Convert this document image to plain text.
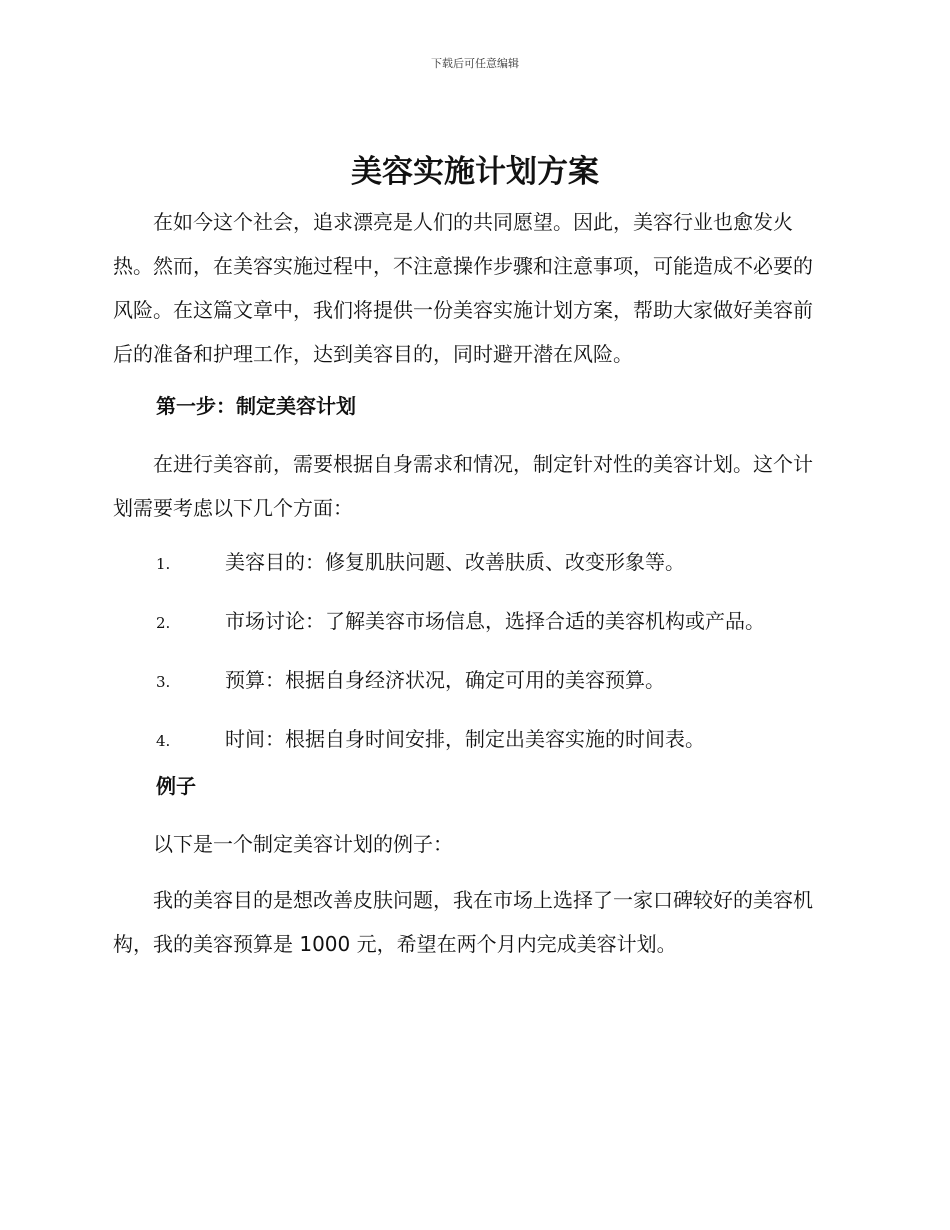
下载后可任意编辑
美容实施计划方案

在如今这个社会，追求漂亮是人们的共同愿望。因此，美容行业也愈发火热。然而，在美容实施过程中，不注意操作步骤和注意事项，可能造成不必要的风险。在这篇文章中，我们将提供一份美容实施计划方案，帮助大家做好美容前后的准备和护理工作，达到美容目的，同时避开潜在风险。

第一步：制定美容计划

在进行美容前，需要根据自身需求和情况，制定针对性的美容计划。这个计划需要考虑以下几个方面：

1.	美容目的：修复肌肤问题、改善肤质、改变形象等。
2.	市场讨论：了解美容市场信息，选择合适的美容机构或产品。
3.	预算：根据自身经济状况，确定可用的美容预算。
4.	时间：根据自身时间安排，制定出美容实施的时间表。

例子

以下是一个制定美容计划的例子：

我的美容目的是想改善皮肤问题，我在市场上选择了一家口碑较好的美容机构，我的美容预算是 1000 元，希望在两个月内完成美容计划。
